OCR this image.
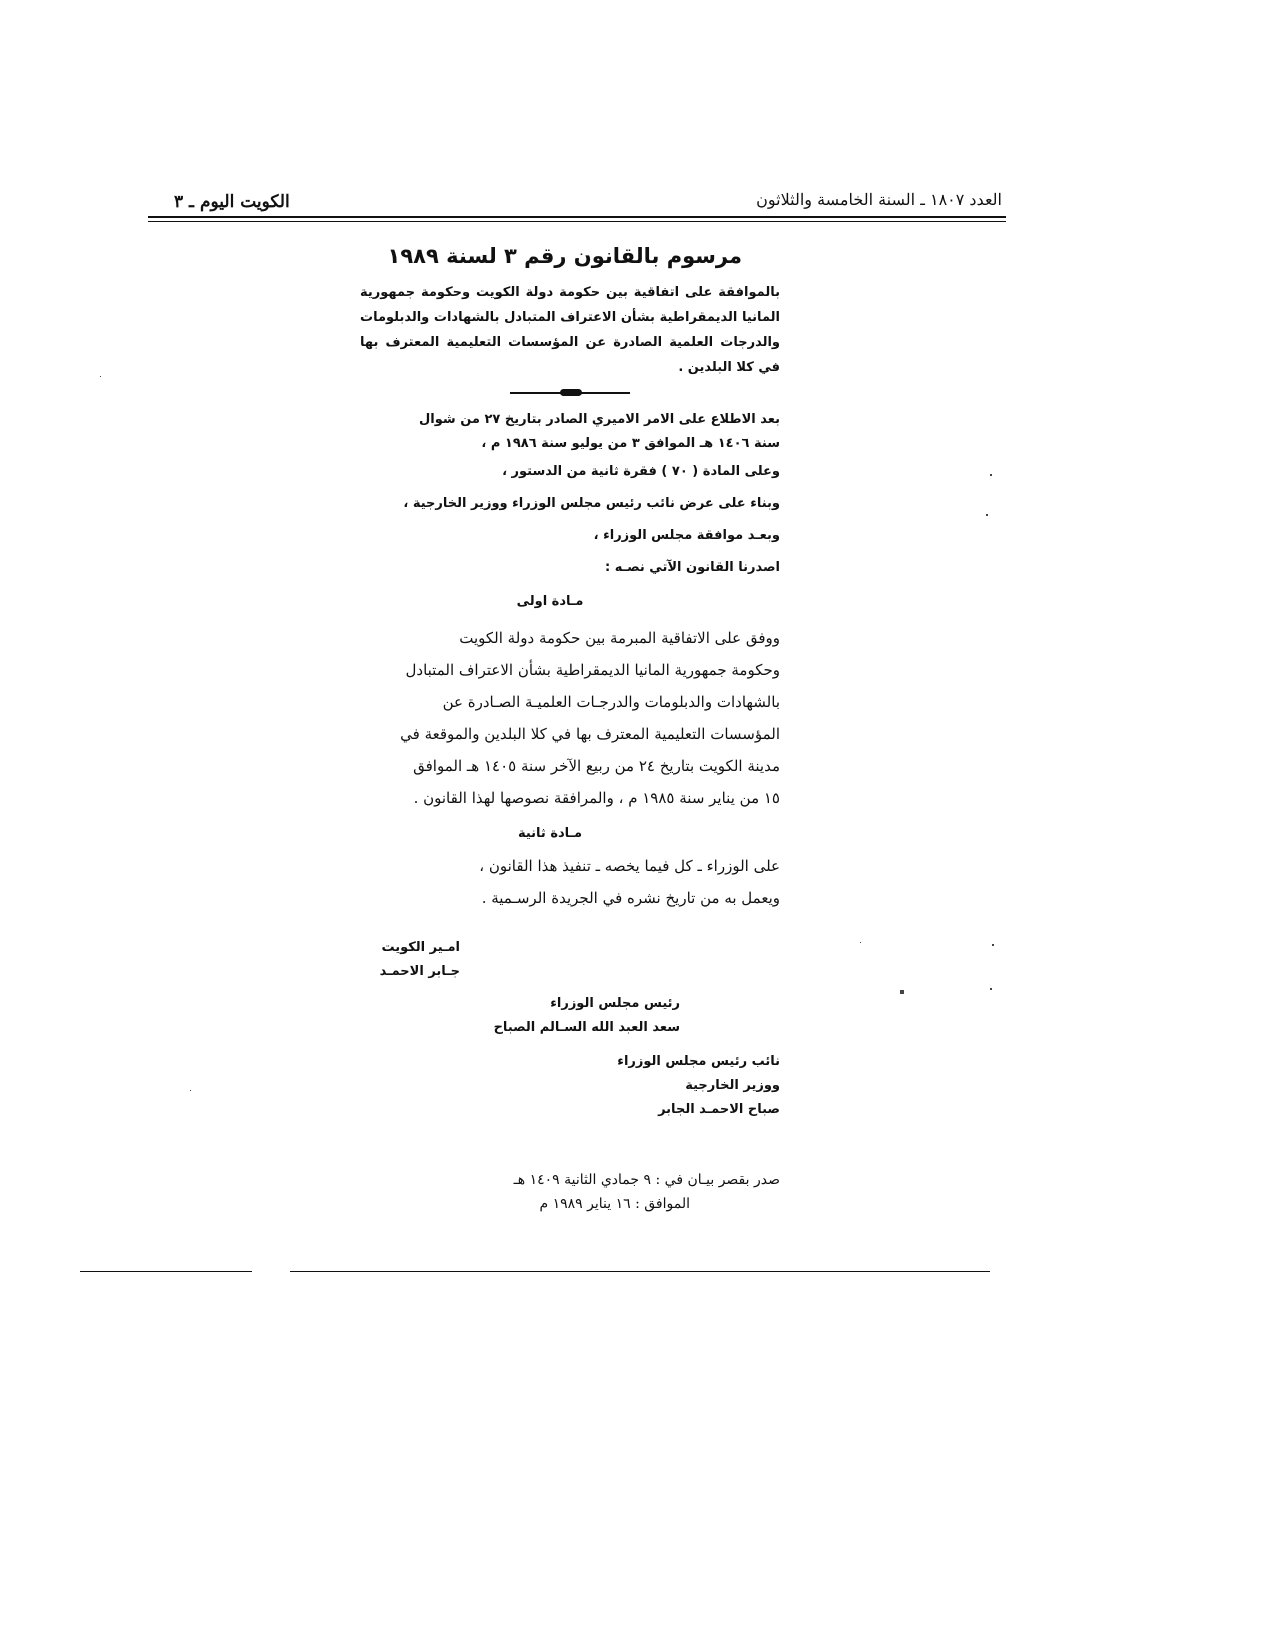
الكويت اليوم ـ ٣	العدد ١٨٠٧ ـ السنة الخامسة والثلاثون
مرسوم بالقانون رقم ٣ لسنة ١٩٨٩
بالموافقة على اتفاقية بين حكومة دولة الكويت وحكومة جمهورية المانيا الديمقراطية بشأن الاعتراف المتبادل بالشهادات والدبلومات والدرجات العلمية الصادرة عن المؤسسات التعليمية المعترف بها في كلا البلدين .
بعد الاطلاع على الامر الاميري الصادر بتاريخ ٢٧ من شوال
سنة ١٤٠٦ هـ الموافق ٣ من يوليو سنة ١٩٨٦ م ،
وعلى المادة ( ٧٠ ) فقرة ثانية من الدستور ،
وبناء على عرض نائب رئيس مجلس الوزراء ووزير الخارجية ،
وبعـد موافقة مجلس الوزراء ،
اصدرنا القانون الآتي نصـه :
مـادة اولى
ووفق على الاتفاقية المبرمة بين حكومة دولة الكويت
وحكومة جمهورية المانيا الديمقراطية بشأن الاعتراف المتبادل
بالشهادات والدبلومات والدرجـات العلميـة الصـادرة عن
المؤسسات التعليمية المعترف بها في كلا البلدين والموقعة في
مدينة الكويت بتاريخ ٢٤ من ربيع الآخر سنة ١٤٠٥ هـ الموافق
١٥ من يناير سنة ١٩٨٥ م ، والمرافقة نصوصها لهذا القانون .
مـادة ثانية
على الوزراء ـ كل فيما يخصه ـ تنفيذ هذا القانون ،
ويعمل به من تاريخ نشره في الجريدة الرسـمية .
امـير الكويت
جـابر الاحمـد
رئيس مجلس الوزراء
سعد العبد الله السـالم الصباح
نائب رئيس مجلس الوزراء
ووزير الخارجية
صباح الاحمـد الجابر
صدر بقصر بيـان في : ٩ جمادي الثانية ١٤٠٩ هـ
الموافق : ١٦ يناير ١٩٨٩ م
